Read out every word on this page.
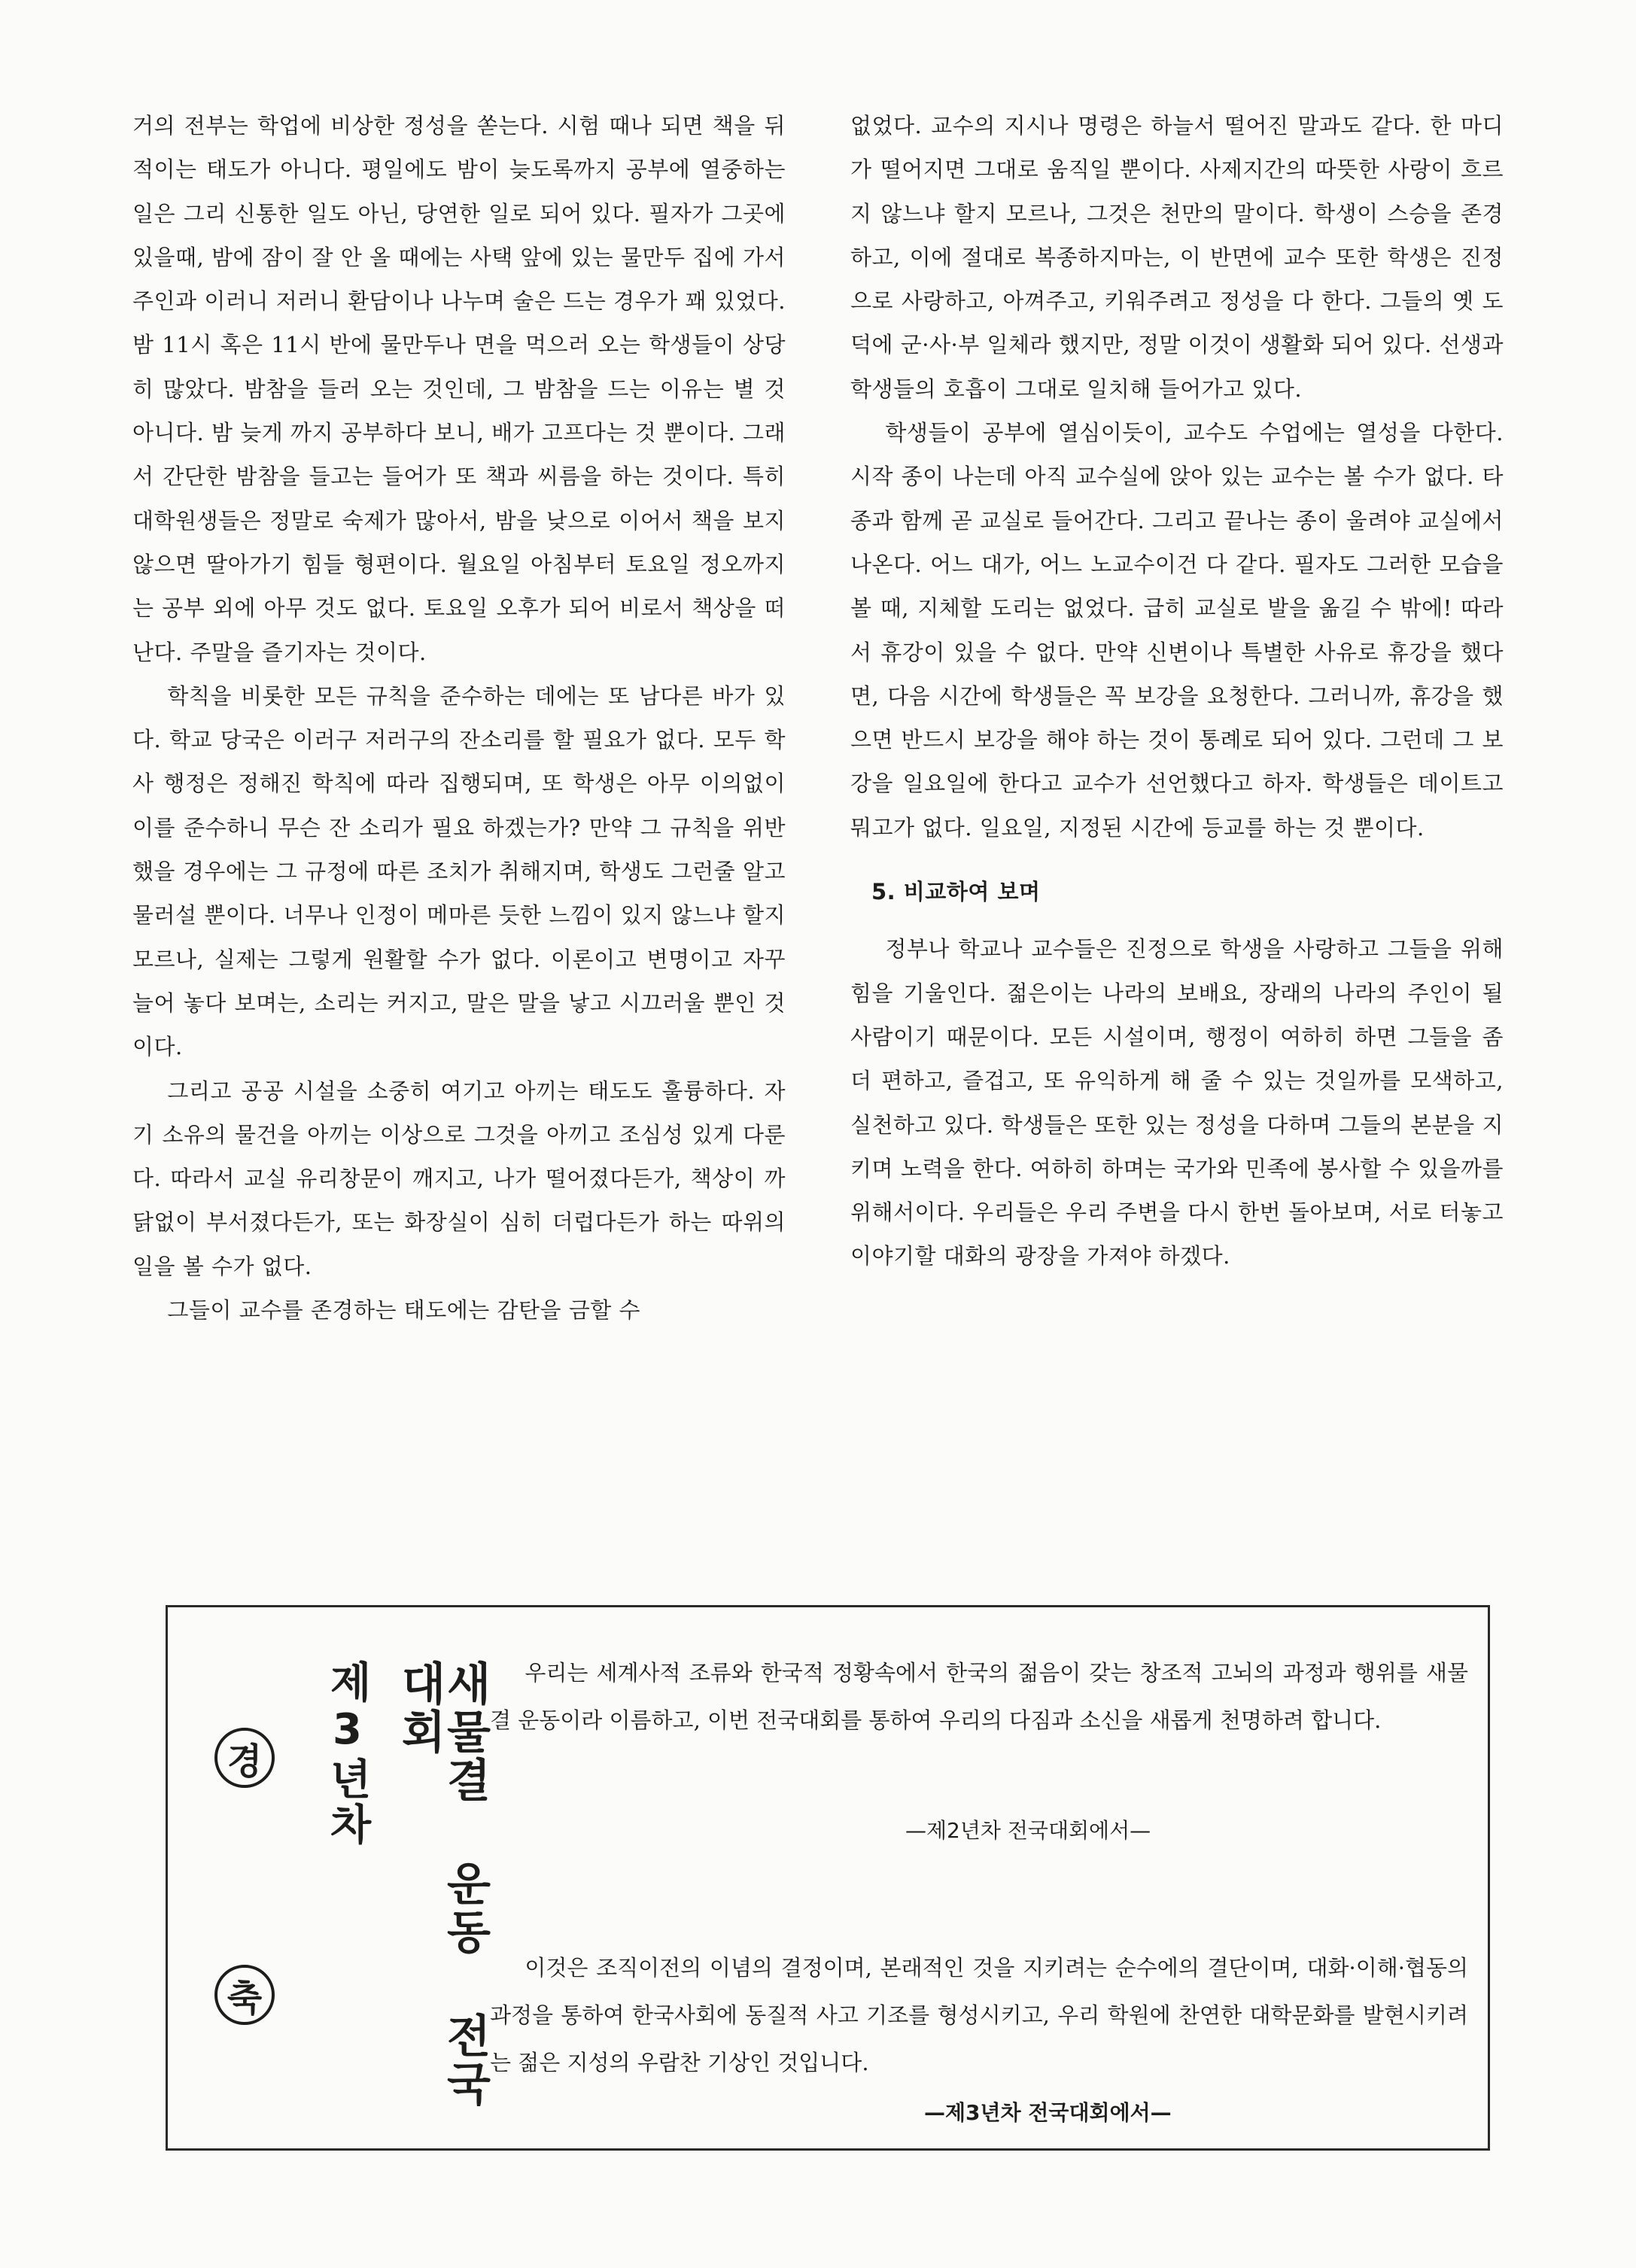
거의 전부는 학업에 비상한 정성을 쏟는다. 시험 때나 되면 책을 뒤적이는 태도가 아니다. 평일에도 밤이 늦도록까지 공부에 열중하는 일은 그리 신통한 일도 아닌, 당연한 일로 되어 있다. 필자가 그곳에 있을때, 밤에 잠이 잘 안 올 때에는 사택 앞에 있는 물만두 집에 가서 주인과 이러니 저러니 환담이나 나누며 술은 드는 경우가 꽤 있었다. 밤 11시 혹은 11시 반에 물만두나 면을 먹으러 오는 학생들이 상당히 많았다. 밤참을 들러 오는 것인데, 그 밤참을 드는 이유는 별 것 아니다. 밤 늦게 까지 공부하다 보니, 배가 고프다는 것 뿐이다. 그래서 간단한 밤참을 들고는 들어가 또 책과 씨름을 하는 것이다. 특히 대학원생들은 정말로 숙제가 많아서, 밤을 낮으로 이어서 책을 보지 않으면 딸아가기 힘들 형편이다. 월요일 아침부터 토요일 정오까지는 공부 외에 아무 것도 없다. 토요일 오후가 되어 비로서 책상을 떠난다. 주말을 즐기자는 것이다.

학칙을 비롯한 모든 규칙을 준수하는 데에는 또 남다른 바가 있다. 학교 당국은 이러구 저러구의 잔소리를 할 필요가 없다. 모두 학사 행정은 정해진 학칙에 따라 집행되며, 또 학생은 아무 이의없이 이를 준수하니 무슨 잔 소리가 필요 하겠는가? 만약 그 규칙을 위반했을 경우에는 그 규정에 따른 조치가 취해지며, 학생도 그런줄 알고 물러설 뿐이다. 너무나 인정이 메마른 듯한 느낌이 있지 않느냐 할지 모르나, 실제는 그렇게 원활할 수가 없다. 이론이고 변명이고 자꾸 늘어 놓다 보며는, 소리는 커지고, 말은 말을 낳고 시끄러울 뿐인 것이다.

그리고 공공 시설을 소중히 여기고 아끼는 태도도 훌륭하다. 자기 소유의 물건을 아끼는 이상으로 그것을 아끼고 조심성 있게 다룬다. 따라서 교실 유리창문이 깨지고, 나가 떨어졌다든가, 책상이 까닭없이 부서졌다든가, 또는 화장실이 심히 더럽다든가 하는 따위의 일을 볼 수가 없다.

그들이 교수를 존경하는 태도에는 감탄을 금할 수

없었다. 교수의 지시나 명령은 하늘서 떨어진 말과도 같다. 한 마디가 떨어지면 그대로 움직일 뿐이다. 사제지간의 따뜻한 사랑이 흐르지 않느냐 할지 모르나, 그것은 천만의 말이다. 학생이 스승을 존경하고, 이에 절대로 복종하지마는, 이 반면에 교수 또한 학생은 진정으로 사랑하고, 아껴주고, 키워주려고 정성을 다 한다. 그들의 옛 도덕에 군·사·부 일체라 했지만, 정말 이것이 생활화 되어 있다. 선생과 학생들의 호흡이 그대로 일치해 들어가고 있다.

학생들이 공부에 열심이듯이, 교수도 수업에는 열성을 다한다. 시작 종이 나는데 아직 교수실에 앉아 있는 교수는 볼 수가 없다. 타종과 함께 곧 교실로 들어간다. 그리고 끝나는 종이 울려야 교실에서 나온다. 어느 대가, 어느 노교수이건 다 같다. 필자도 그러한 모습을 볼 때, 지체할 도리는 없었다. 급히 교실로 발을 옮길 수 밖에! 따라서 휴강이 있을 수 없다. 만약 신변이나 특별한 사유로 휴강을 했다면, 다음 시간에 학생들은 꼭 보강을 요청한다. 그러니까, 휴강을 했으면 반드시 보강을 해야 하는 것이 통례로 되어 있다. 그런데 그 보강을 일요일에 한다고 교수가 선언했다고 하자. 학생들은 데이트고 뭐고가 없다. 일요일, 지정된 시간에 등교를 하는 것 뿐이다.

5. 비교하여 보며

정부나 학교나 교수들은 진정으로 학생을 사랑하고 그들을 위해 힘을 기울인다. 젊은이는 나라의 보배요, 장래의 나라의 주인이 될 사람이기 때문이다. 모든 시설이며, 행정이 여하히 하면 그들을 좀 더 편하고, 즐겁고, 또 유익하게 해 줄 수 있는 것일까를 모색하고, 실천하고 있다. 학생들은 또한 있는 정성을 다하며 그들의 본분을 지키며 노력을 한다. 여하히 하며는 국가와 민족에 봉사할 수 있을까를 위해서이다. 우리들은 우리 주변을 다시 한번 돌아보며, 서로 터놓고 이야기할 대화의 광장을 가져야 하겠다.

경
축
제3년차	새물결 운동 전국대회	우리는 세계사적 조류와 한국적 정황속에서 한국의 젊음이 갖는 창조적 고뇌의 과정과 행위를 새물결 운동이라 이름하고, 이번 전국대회를 통하여 우리의 다짐과 소신을 새롭게 천명하려 합니다.

—제2년차 전국대회에서—

이것은 조직이전의 이념의 결정이며, 본래적인 것을 지키려는 순수에의 결단이며, 대화·이해·협동의 과정을 통하여 한국사회에 동질적 사고 기조를 형성시키고, 우리 학원에 찬연한 대학문화를 발현시키려는 젊은 지성의 우람찬 기상인 것입니다.

—제3년차 전국대회에서—
